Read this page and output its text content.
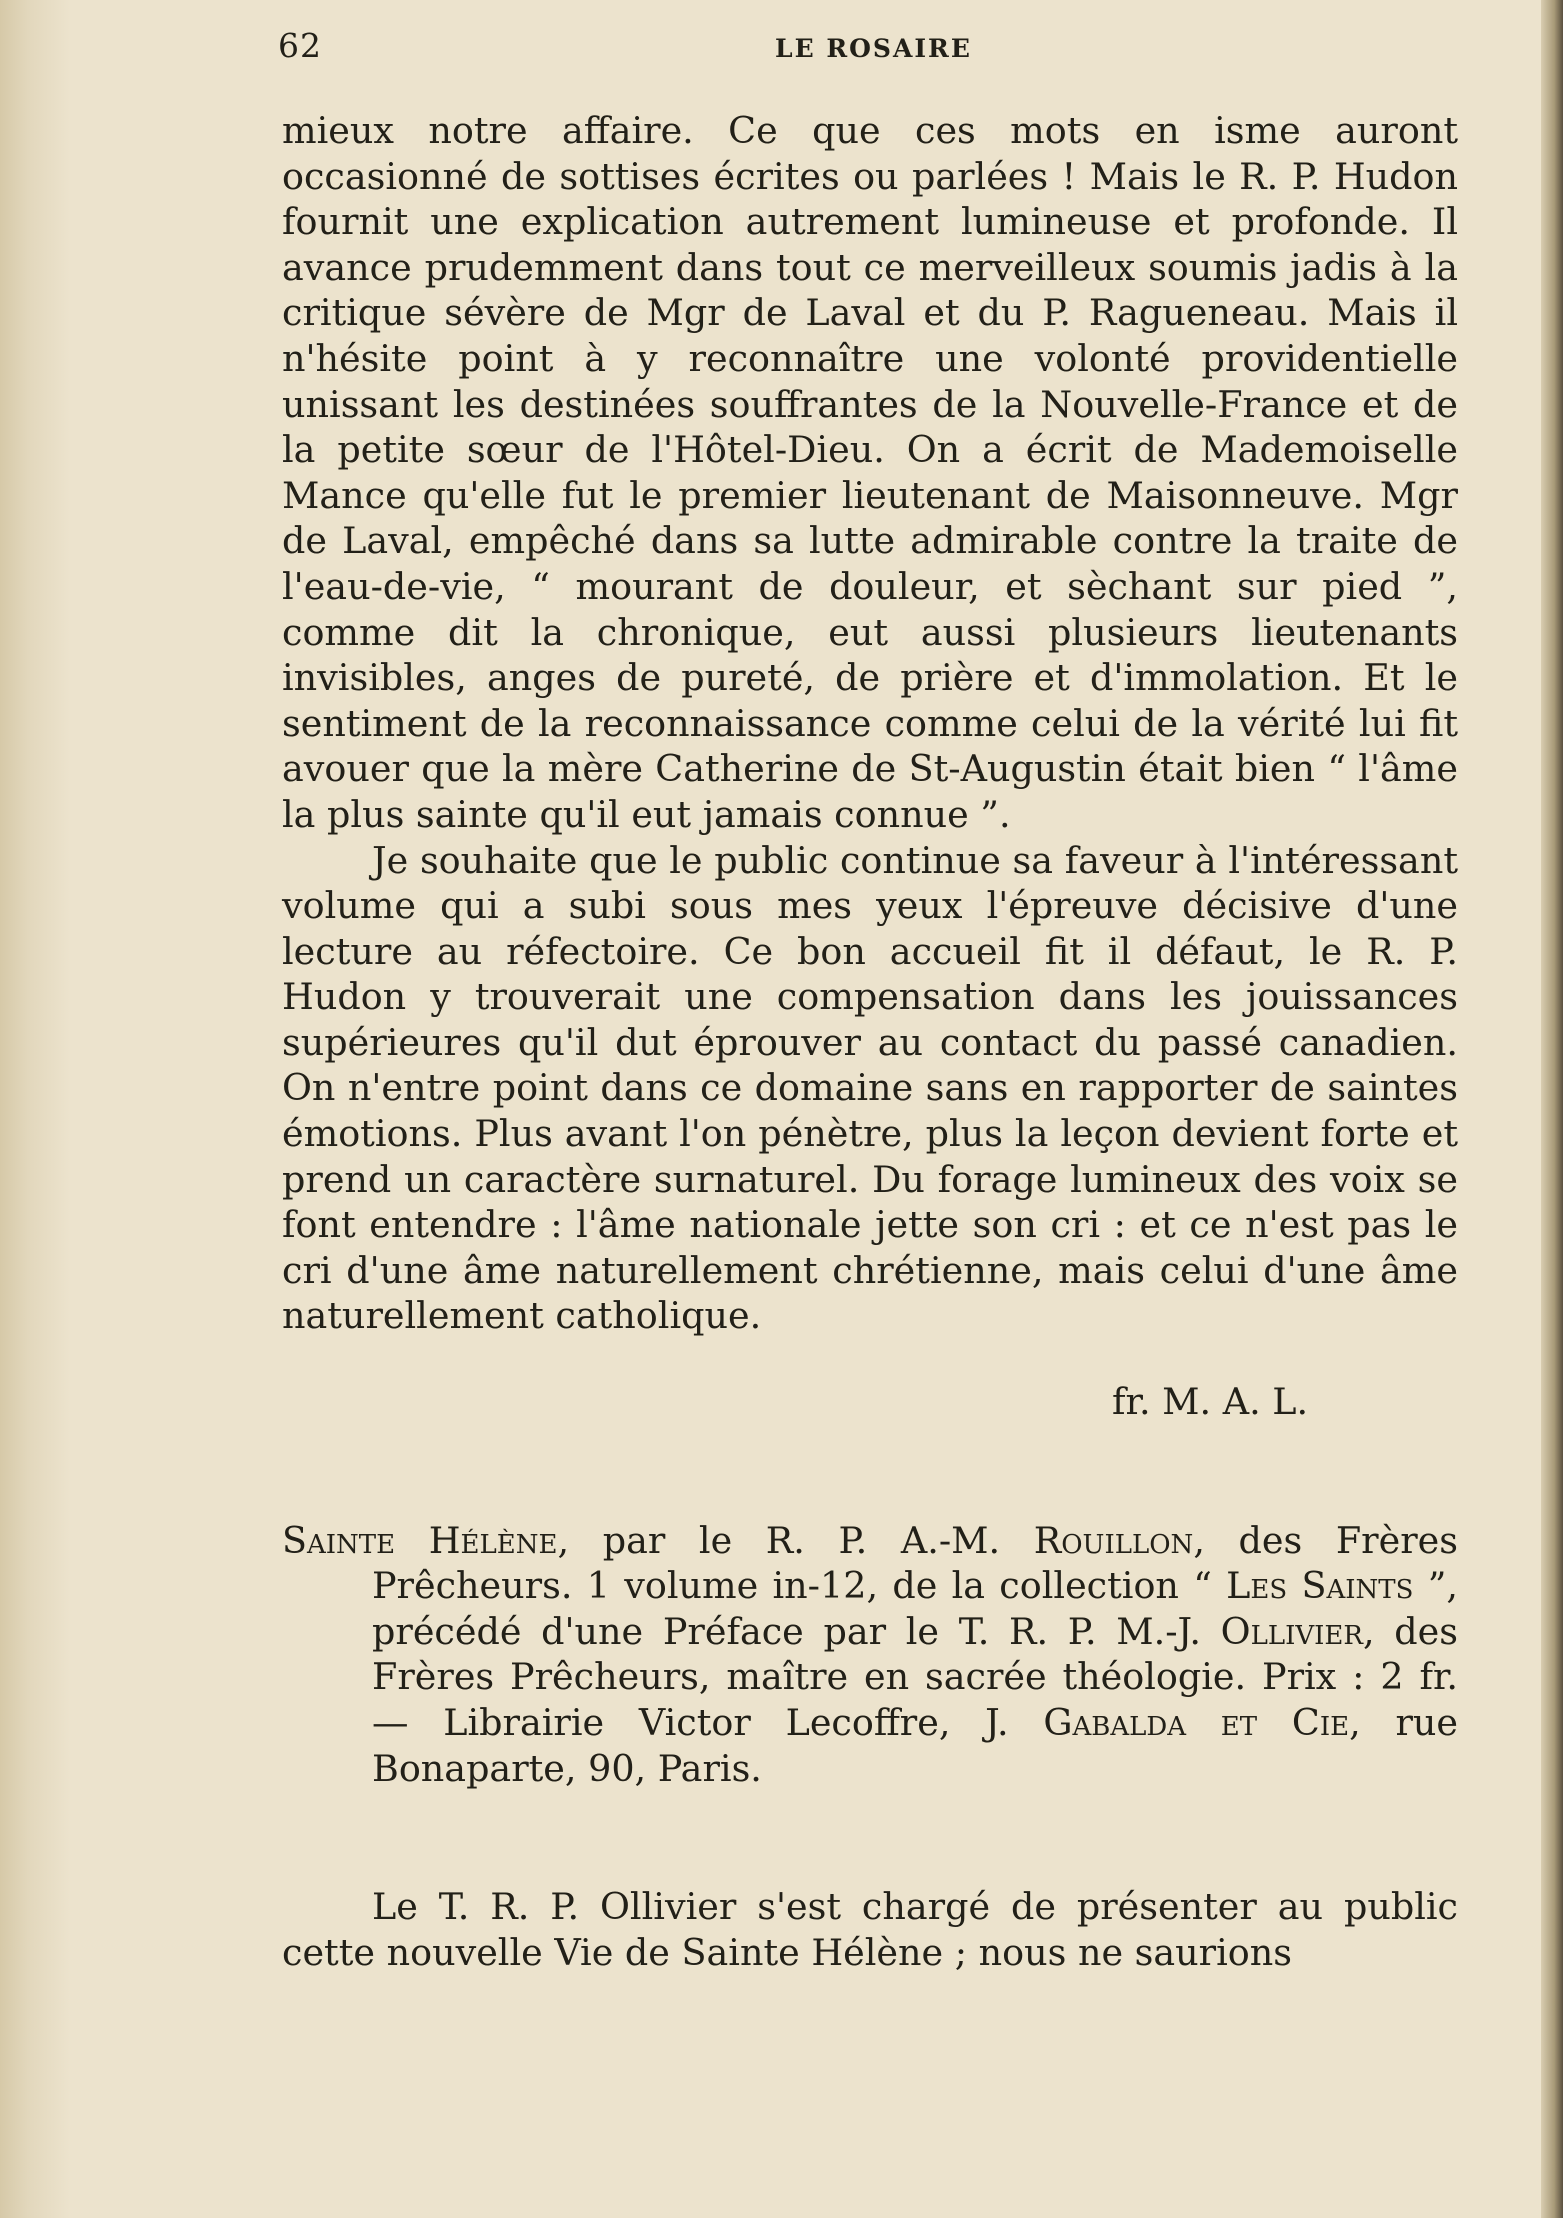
62	LE ROSAIRE

mieux notre affaire. Ce que ces mots en isme auront occasionné de sottises écrites ou parlées ! Mais le R. P. Hudon fournit une explication autrement lumineuse et profonde. Il avance prudemment dans tout ce merveilleux soumis jadis à la critique sévère de Mgr de Laval et du P. Ragueneau. Mais il n'hésite point à y reconnaître une volonté providentielle unissant les destinées souffrantes de la Nouvelle-France et de la petite sœur de l'Hôtel-Dieu. On a écrit de Mademoiselle Mance qu'elle fut le premier lieutenant de Maisonneuve. Mgr de Laval, empêché dans sa lutte admirable contre la traite de l'eau-de-vie, “ mourant de douleur, et sèchant sur pied ”, comme dit la chronique, eut aussi plusieurs lieutenants invisibles, anges de pureté, de prière et d'immolation. Et le sentiment de la reconnaissance comme celui de la vérité lui fit avouer que la mère Catherine de St-Augustin était bien “ l'âme la plus sainte qu'il eut jamais connue ”.

Je souhaite que le public continue sa faveur à l'intéressant volume qui a subi sous mes yeux l'épreuve décisive d'une lecture au réfectoire. Ce bon accueil fit il défaut, le R. P. Hudon y trouverait une compensation dans les jouissances supérieures qu'il dut éprouver au contact du passé canadien. On n'entre point dans ce domaine sans en rapporter de saintes émotions. Plus avant l'on pénètre, plus la leçon devient forte et prend un caractère surnaturel. Du forage lumineux des voix se font entendre : l'âme nationale jette son cri : et ce n'est pas le cri d'une âme naturellement chrétienne, mais celui d'une âme naturellement catholique.

fr. M. A. L.

Sainte Hélène, par le R. P. A.-M. Rouillon, des Frères Prêcheurs. 1 volume in-12, de la collection “ Les Saints ”, précédé d'une Préface par le T. R. P. M.-J. Ollivier, des Frères Prêcheurs, maître en sacrée théologie. Prix : 2 fr. — Librairie Victor Lecoffre, J. Gabalda et Cie, rue Bonaparte, 90, Paris.

Le T. R. P. Ollivier s'est chargé de présenter au public cette nouvelle Vie de Sainte Hélène ; nous ne saurions
